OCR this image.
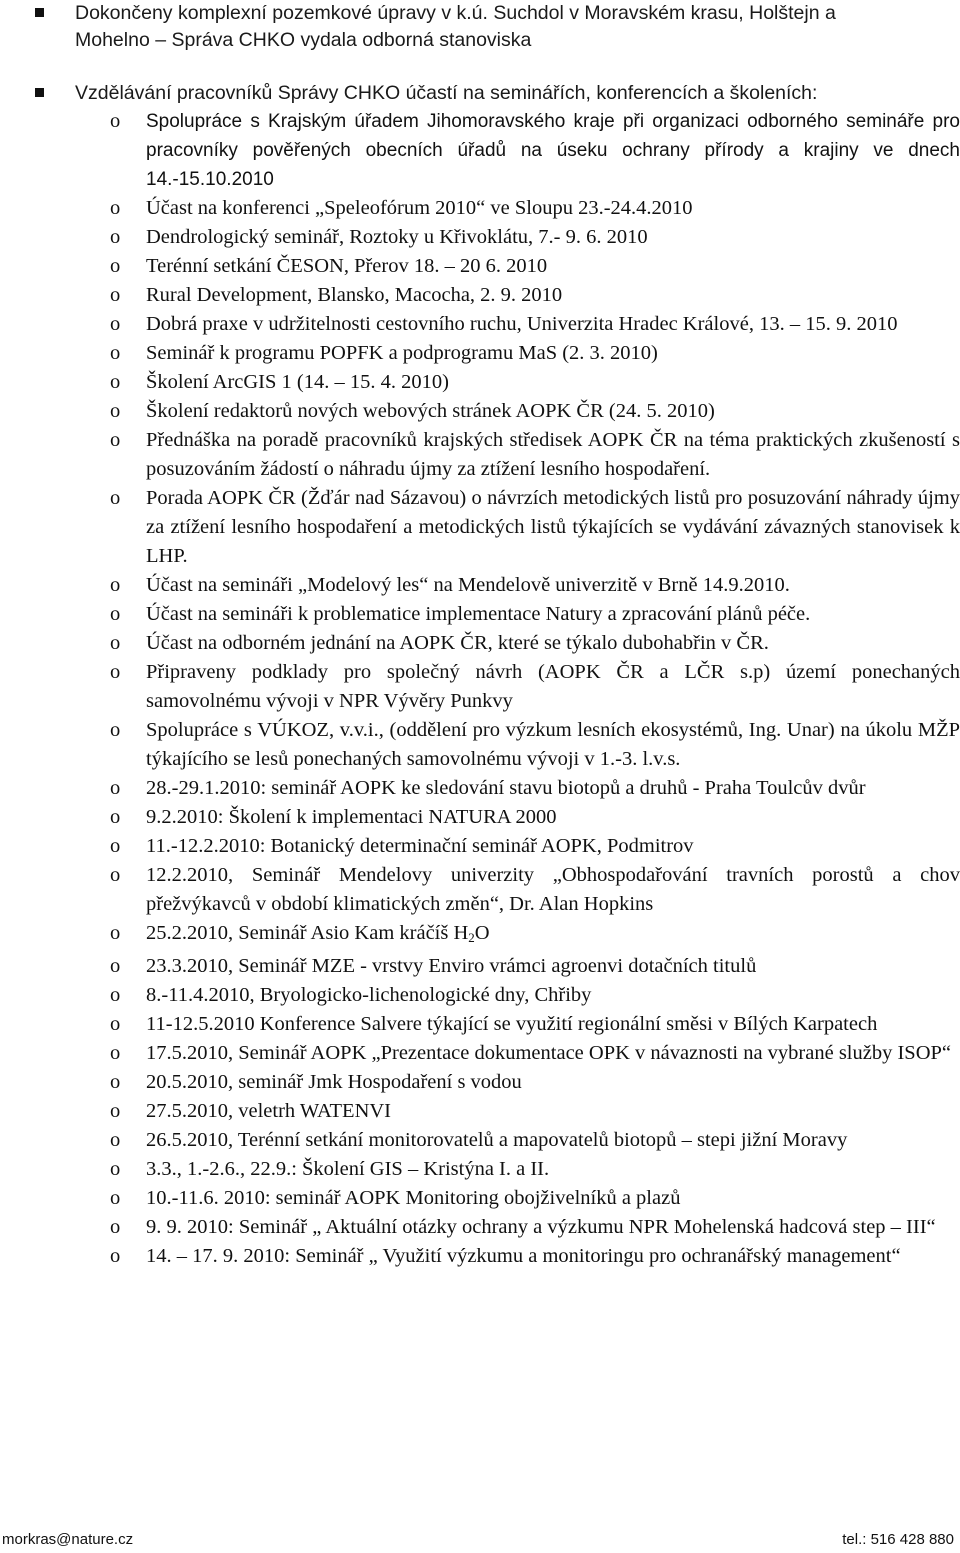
Dokončeny komplexní pozemkové úpravy v k.ú. Suchdol v Moravském krasu, Holštejn a Mohelno – Správa CHKO vydala odborná stanoviska
Vzdělávání pracovníků Správy CHKO účastí na seminářích, konferencích a školeních:
o Spolupráce s Krajským úřadem Jihomoravského kraje při organizaci odborného semináře pro pracovníky pověřených obecních úřadů na úseku ochrany přírody a krajiny ve dnech 14.-15.10.2010
o Účast na konferenci „Speleofórum 2010“ ve Sloupu 23.-24.4.2010
o Dendrologický seminář, Roztoky u Křivoklátu, 7.- 9. 6. 2010
o Terénní setkání ČESON, Přerov 18. – 20 6. 2010
o Rural Development, Blansko, Macocha, 2. 9. 2010
o Dobrá praxe v udržitelnosti cestovního ruchu, Univerzita Hradec Králové, 13. – 15. 9. 2010
o Seminář k programu POPFK a podprogramu MaS (2. 3. 2010)
o Školení ArcGIS 1 (14. – 15. 4. 2010)
o Školení redaktorů nových webových stránek AOPK ČR (24. 5. 2010)
o Přednáška na poradě pracovníků krajských středisek AOPK ČR na téma praktických zkušeností s posuzováním žádostí o náhradu újmy za ztížení lesního hospodaření.
o Porada AOPK ČR (Žďár nad Sázavou) o návrzích metodických listů pro posuzování náhrady újmy za ztížení lesního hospodaření a metodických listů týkajících se vydávání závazných stanovisek k LHP.
o Účast na semináři „Modelový les“ na Mendelově univerzitě v Brně 14.9.2010.
o Účast na semináři k problematice implementace Natury a zpracování plánů péče.
o Účast na odborném jednání na AOPK ČR, které se týkalo dubohabřin v ČR.
o Připraveny podklady pro společný návrh (AOPK ČR a LČR s.p) území ponechaných samovolnému vývoji v NPR Vývěry Punkvy
o Spolupráce s VÚKOZ, v.v.i., (oddělení pro výzkum lesních ekosystémů, Ing. Unar) na úkolu MŽP týkajícího se lesů ponechaných samovolnému vývoji v 1.-3. l.v.s.
o 28.-29.1.2010: seminář AOPK ke sledování stavu biotopů a druhů - Praha Toulcův dvůr
o 9.2.2010: Školení k implementaci NATURA 2000
o 11.-12.2.2010: Botanický determinační seminář AOPK, Podmitrov
o 12.2.2010, Seminář Mendelovy univerzity „Obhospodařování travních porostů a chov přežvýkavců v období klimatických změn“, Dr. Alan Hopkins
o 25.2.2010, Seminář Asio Kam kráčíš $H_2O$
o 23.3.2010, Seminář MZE - vrstvy Enviro vrámci agroenvi dotačních titulů
o 8.-11.4.2010, Bryologicko-lichenologické dny, Chřiby
o 11-12.5.2010 Konference Salvere týkající se využití regionální směsi v Bílých Karpatech
o 17.5.2010, Seminář AOPK „Prezentace dokumentace OPK v návaznosti na vybrané služby ISOP“
o 20.5.2010, seminář Jmk Hospodaření s vodou
o 27.5.2010, veletrh WATENVI
o 26.5.2010, Terénní setkání monitorovatelů a mapovatelů biotopů – stepi jižní Moravy
o 3.3., 1.-2.6., 22.9.: Školení GIS – Kristýna I. a II.
o 10.-11.6. 2010: seminář AOPK Monitoring obojživelníků a plazů
o 9. 9. 2010: Seminář „ Aktuální otázky ochrany a výzkumu NPR Mohelenská hadcová step – III“
o 14. – 17. 9. 2010: Seminář „ Využití výzkumu a monitoringu pro ochranářský management“
morkras@nature.cz	tel.: 516 428 880
